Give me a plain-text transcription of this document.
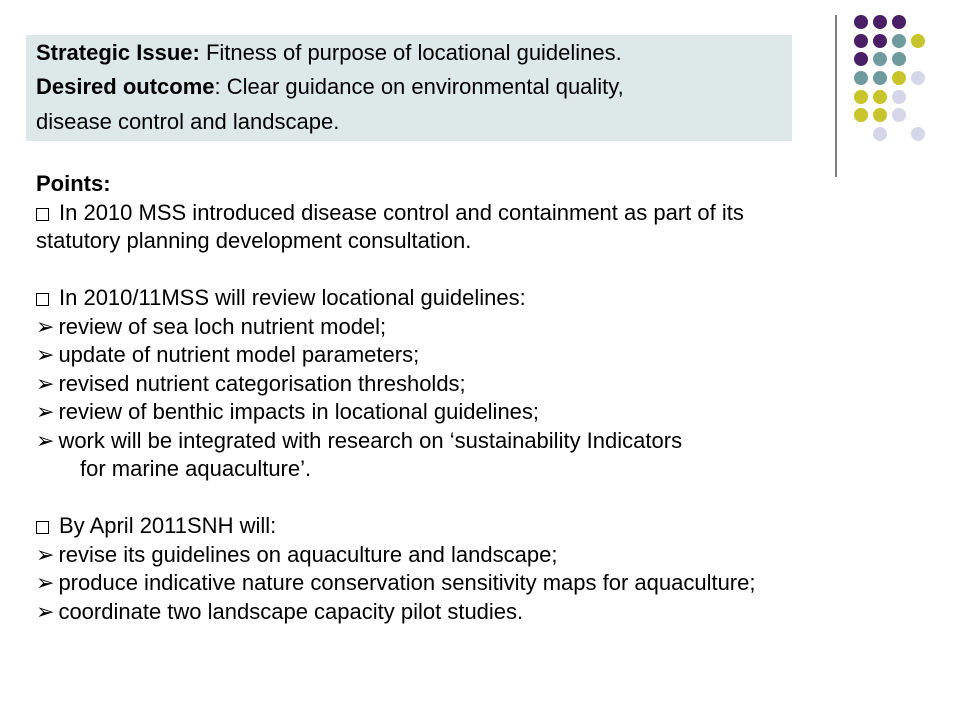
Strategic Issue: Fitness of purpose of locational guidelines.
Desired outcome: Clear guidance on environmental quality,
disease control and landscape.
Points:
In 2010 MSS introduced disease control and containment as part of its
statutory planning development consultation.
In 2010/11MSS will review locational guidelines:
➢ review of sea loch nutrient model;
➢ update of nutrient model parameters;
➢ revised nutrient categorisation thresholds;
➢ review of benthic impacts in locational guidelines;
➢ work will be integrated with research on ‘sustainability Indicators
for marine aquaculture’.
By April 2011SNH will:
➢ revise its guidelines on aquaculture and landscape;
➢ produce indicative nature conservation sensitivity maps for aquaculture;
➢ coordinate two landscape capacity pilot studies.
